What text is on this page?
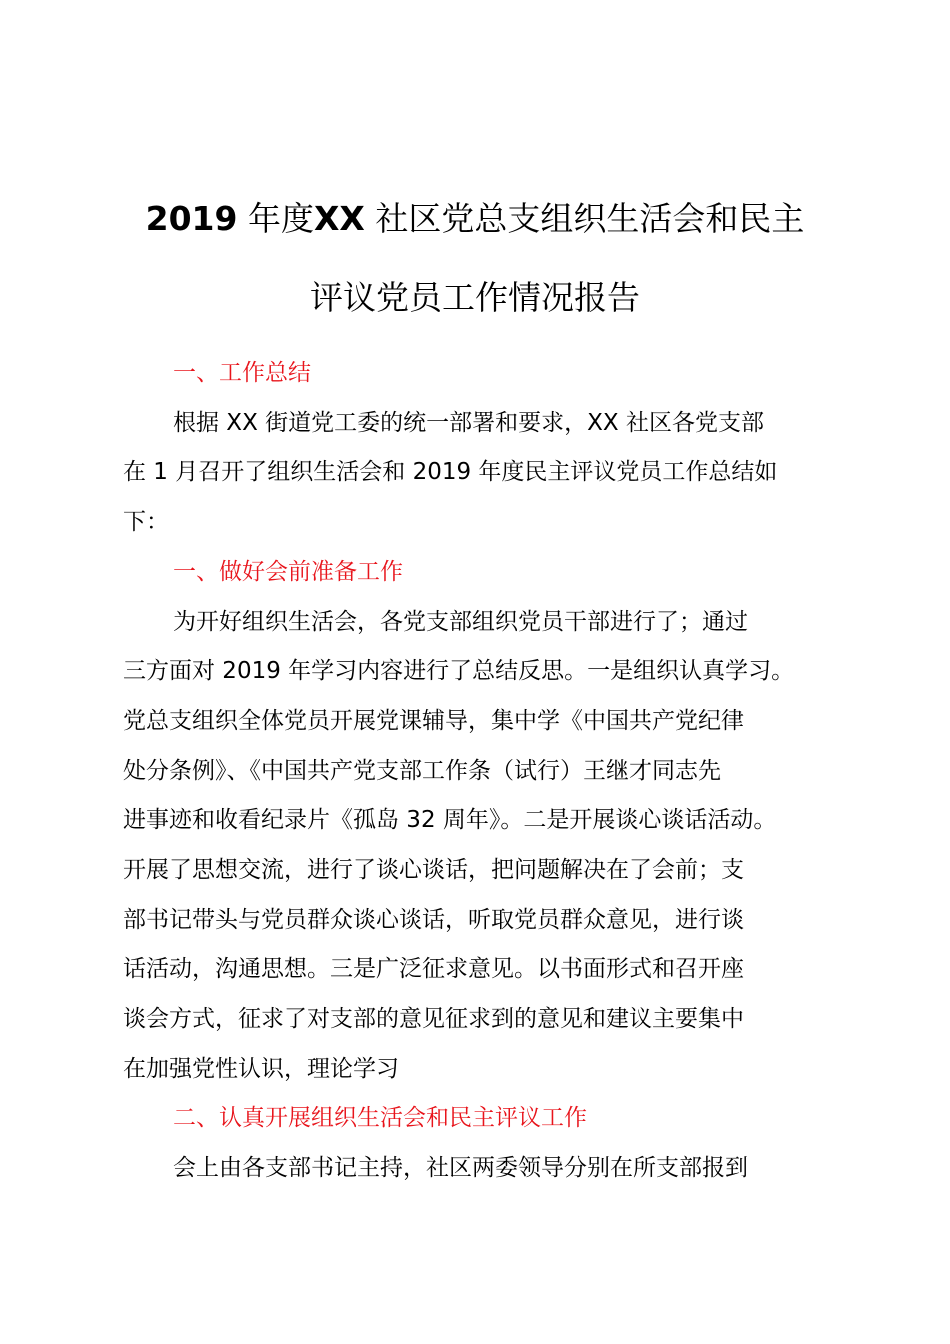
2019 年度XX 社区党总支组织生活会和民主
评议党员工作情况报告

一、工作总结

根据 XX 街道党工委的统一部署和要求，XX 社区各党支部

在 1 月召开了组织生活会和 2019 年度民主评议党员工作总结如

下：

一、做好会前准备工作

为开好组织生活会，各党支部组织党员干部进行了；通过

三方面对 2019 年学习内容进行了总结反思。一是组织认真学习。

党总支组织全体党员开展党课辅导，集中学《中国共产党纪律

处分条例》、《中国共产党支部工作条（试行）王继才同志先

进事迹和收看纪录片《孤岛 32 周年》。二是开展谈心谈话活动。

开展了思想交流，进行了谈心谈话，把问题解决在了会前；支

部书记带头与党员群众谈心谈话，听取党员群众意见，进行谈

话活动，沟通思想。三是广泛征求意见。以书面形式和召开座

谈会方式，征求了对支部的意见征求到的意见和建议主要集中

在加强党性认识，理论学习

二、认真开展组织生活会和民主评议工作

会上由各支部书记主持，社区两委领导分别在所支部报到
